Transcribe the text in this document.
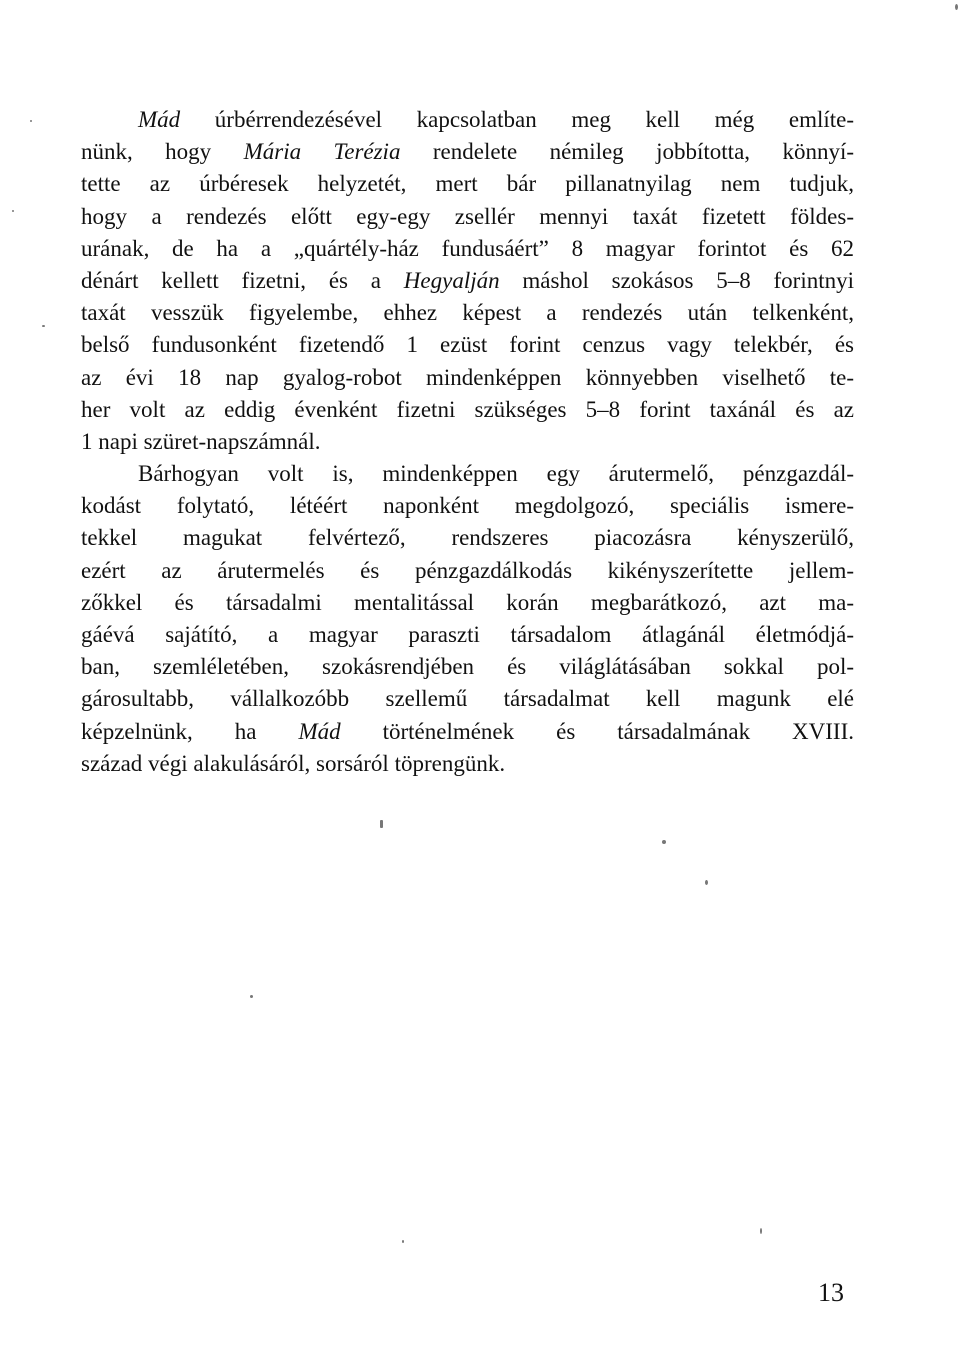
Mád úrbérrendezésével kapcsolatban meg kell még említe-
nünk, hogy Mária Terézia rendelete némileg jobbította, könnyí-
tette az úrbéresek helyzetét, mert bár pillanatnyilag nem tudjuk,
hogy a rendezés előtt egy-egy zsellér mennyi taxát fizetett földes-
urának, de ha a „quártély-ház fundusáért” 8 magyar forintot és 62
dénárt kellett fizetni, és a Hegyalján máshol szokásos 5–8 forintnyi
taxát vesszük figyelembe, ehhez képest a rendezés után telkenként,
belső fundusonként fizetendő 1 ezüst forint cenzus vagy telekbér, és
az évi 18 nap gyalog-robot mindenképpen könnyebben viselhető te-
her volt az eddig évenként fizetni szükséges 5–8 forint taxánál és az
1 napi szüret-napszámnál.
Bárhogyan volt is, mindenképpen egy árutermelő, pénzgazdál-
kodást folytató, létéért naponként megdolgozó, speciális ismere-
tekkel magukat felvértező, rendszeres piacozásra kényszerülő,
ezért az árutermelés és pénzgazdálkodás kikényszerítette jellem-
zőkkel és társadalmi mentalitással korán megbarátkozó, azt ma-
gáévá sajátító, a magyar paraszti társadalom átlagánál életmódjá-
ban, szemléletében, szokásrendjében és világlátásában sokkal pol-
gárosultabb, vállalkozóbb szellemű társadalmat kell magunk elé
képzelnünk, ha Mád történelmének és társadalmának XVIII.
század végi alakulásáról, sorsáról töprengünk.
13
